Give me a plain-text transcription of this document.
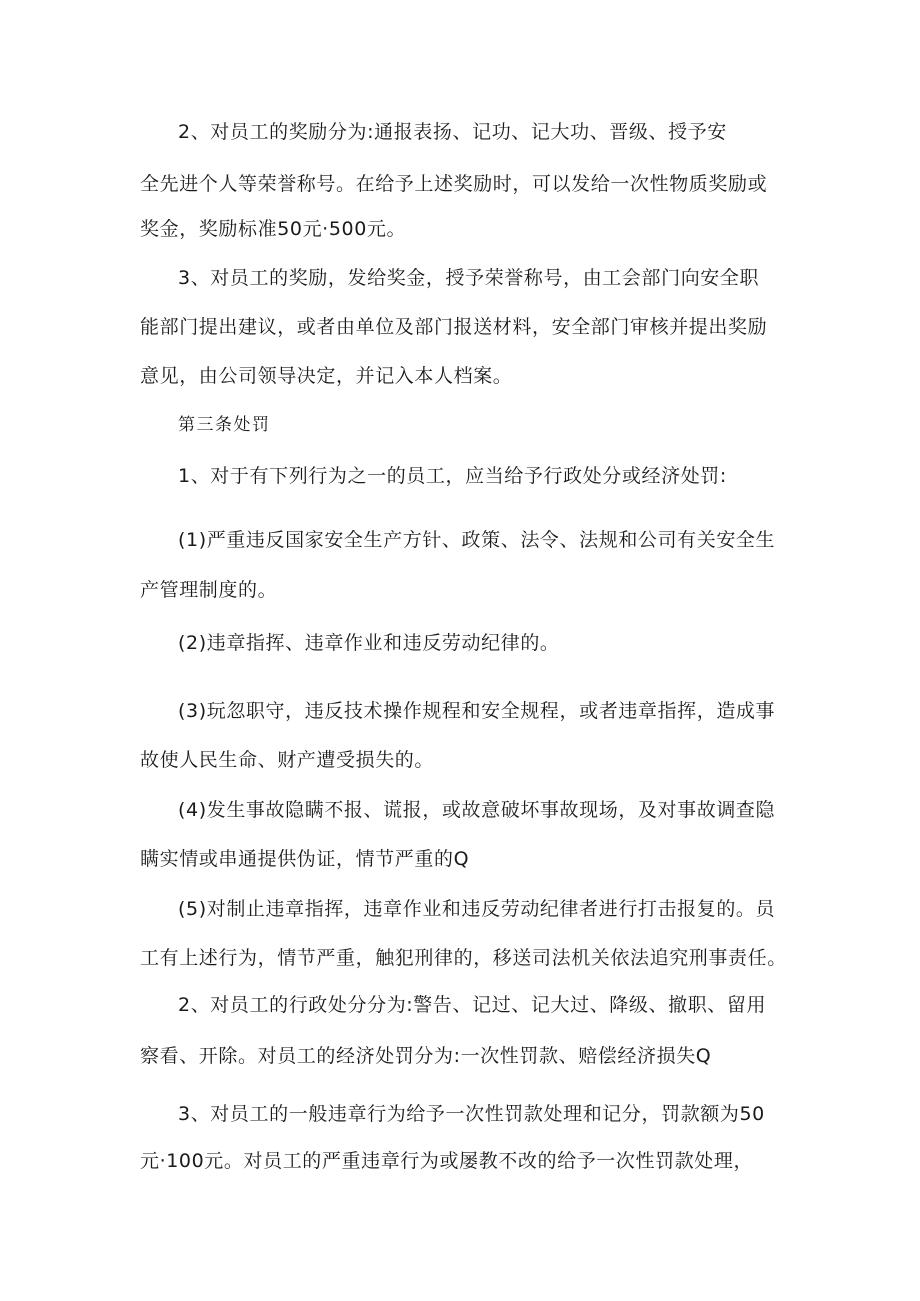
2、对员工的奖励分为:通报表扬、记功、记大功、晋级、授予安
全先进个人等荣誉称号。在给予上述奖励时，可以发给一次性物质奖励或
奖金，奖励标准50元·500元。
3、对员工的奖励，发给奖金，授予荣誉称号，由工会部门向安全职
能部门提出建议，或者由单位及部门报送材料，安全部门审核并提出奖励
意见，由公司领导决定，并记入本人档案。
第三条处罚
1、对于有下列行为之一的员工，应当给予行政处分或经济处罚:
(1)严重违反国家安全生产方针、政策、法令、法规和公司有关安全生
产管理制度的。
(2)违章指挥、违章作业和违反劳动纪律的。
(3)玩忽职守，违反技术操作规程和安全规程，或者违章指挥，造成事
故使人民生命、财产遭受损失的。
(4)发生事故隐瞒不报、谎报，或故意破坏事故现场，及对事故调查隐
瞒实情或串通提供伪证，情节严重的Q
(5)对制止违章指挥，违章作业和违反劳动纪律者进行打击报复的。员
工有上述行为，情节严重，触犯刑律的，移送司法机关依法追究刑事责任。
2、对员工的行政处分分为:警告、记过、记大过、降级、撤职、留用
察看、开除。对员工的经济处罚分为:一次性罚款、赔偿经济损失Q
3、对员工的一般违章行为给予一次性罚款处理和记分，罚款额为50
元·100元。对员工的严重违章行为或屡教不改的给予一次性罚款处理，
